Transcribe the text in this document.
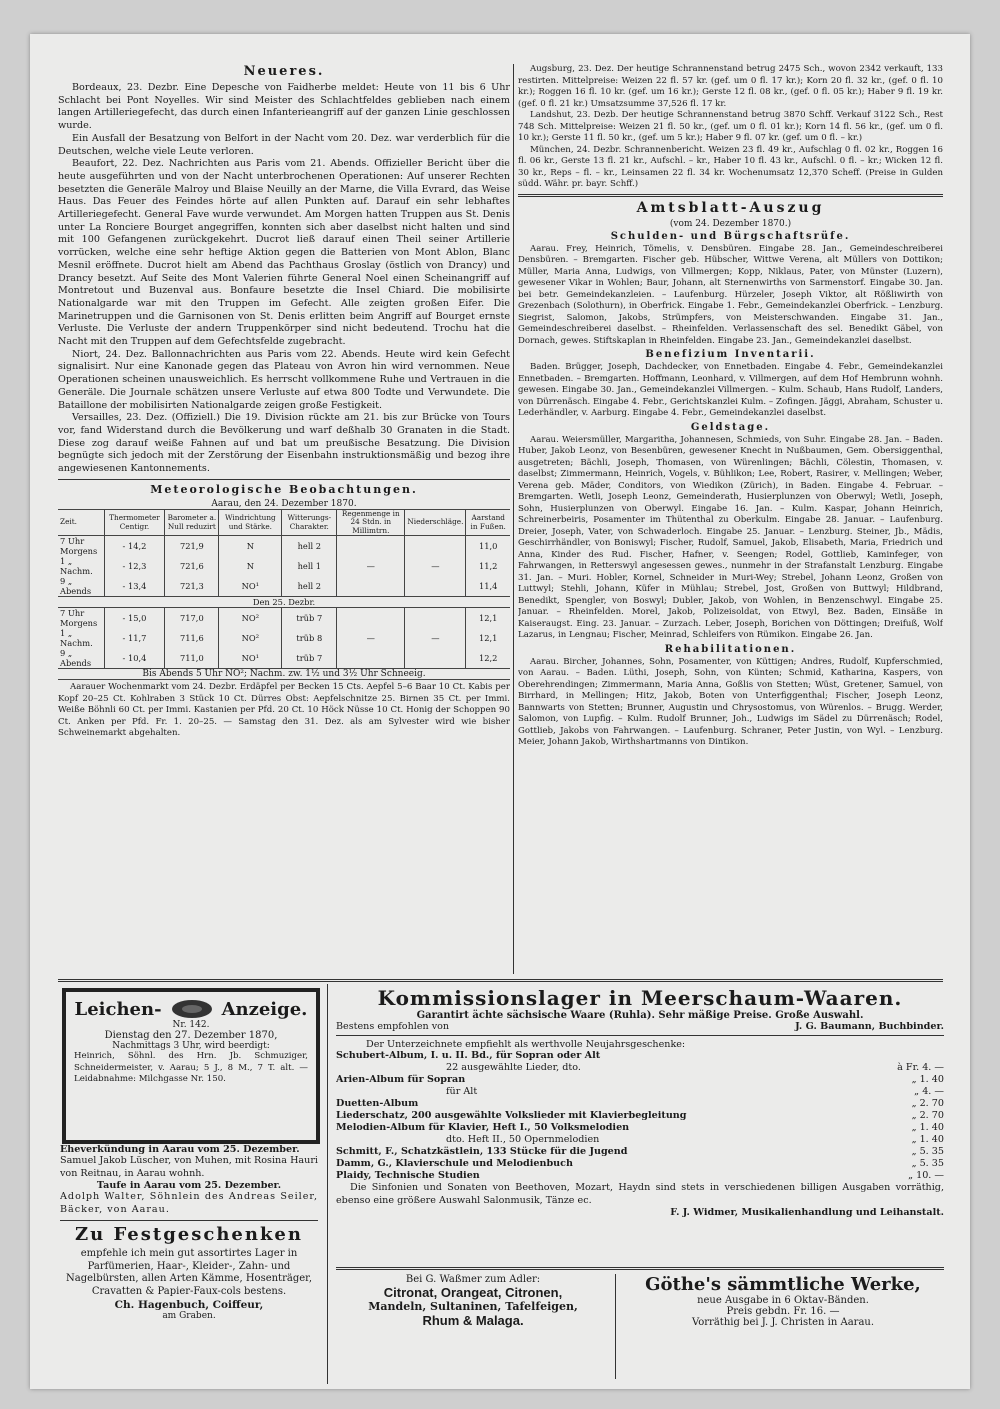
Neueres.

Bordeaux, 23. Dezbr. Eine Depesche von Faidherbe meldet: Heute von 11 bis 6 Uhr Schlacht bei Pont Noyelles. Wir sind Meister des Schlachtfeldes geblieben nach einem langen Artilleriegefecht, das durch einen Infanterieangriff auf der ganzen Linie geschlossen wurde.

Ein Ausfall der Besatzung von Belfort in der Nacht vom 20. Dez. war verderblich für die Deutschen, welche viele Leute verloren.

Beaufort, 22. Dez. Nachrichten aus Paris vom 21. Abends. Offizieller Bericht über die heute ausgeführten und von der Nacht unterbrochenen Operationen: Auf unserer Rechten besetzten die Generäle Malroy und Blaise Neuilly an der Marne, die Villa Evrard, das Weise Haus. Das Feuer des Feindes hörte auf allen Punkten auf. Darauf ein sehr lebhaftes Artilleriegefecht. General Fave wurde verwundet. Am Morgen hatten Truppen aus St. Denis unter La Ronciere Bourget angegriffen, konnten sich aber daselbst nicht halten und sind mit 100 Gefangenen zurückgekehrt. Ducrot ließ darauf einen Theil seiner Artillerie vorrücken, welche eine sehr heftige Aktion gegen die Batterien von Mont Ablon, Blanc Mesnil eröffnete. Ducrot hielt am Abend das Pachthaus Groslay (östlich von Drancy) und Drancy besetzt. Auf Seite des Mont Valerien führte General Noel einen Scheinangriff auf Montretout und Buzenval aus. Bonfaure besetzte die Insel Chiard. Die mobilisirte Nationalgarde war mit den Truppen im Gefecht. Alle zeigten großen Eifer. Die Marinetruppen und die Garnisonen von St. Denis erlitten beim Angriff auf Bourget ernste Verluste. Die Verluste der andern Truppenkörper sind nicht bedeutend. Trochu hat die Nacht mit den Truppen auf dem Gefechtsfelde zugebracht.

Niort, 24. Dez. Ballonnachrichten aus Paris vom 22. Abends. Heute wird kein Gefecht signalisirt. Nur eine Kanonade gegen das Plateau von Avron hin wird vernommen. Neue Operationen scheinen unausweichlich. Es herrscht vollkommene Ruhe und Vertrauen in die Generäle. Die Journale schätzen unsere Verluste auf etwa 800 Todte und Verwundete. Die Bataillone der mobilisirten Nationalgarde zeigen große Festigkeit.

Versailles, 23. Dez. (Offiziell.) Die 19. Division rückte am 21. bis zur Brücke von Tours vor, fand Widerstand durch die Bevölkerung und warf deßhalb 30 Granaten in die Stadt. Diese zog darauf weiße Fahnen auf und bat um preußische Besatzung. Die Division begnügte sich jedoch mit der Zerstörung der Eisenbahn instruktionsmäßig und bezog ihre angewiesenen Kantonnements.

Meteorologische Beobachtungen.
Aarau, den 24. Dezember 1870.
Zeit.	Thermometer Centigr.	Barometer a. Null reduzirt	Windrichtung und Stärke.	Witterungs-Charakter.	Regenmenge in 24 Stdn. in Millimtrn.	Niederschläge.	Aarstand in Fußen.
7 Uhr Morgens	- 14,2	721,9	N	hell 2			11,0
1 „ Nachm.	- 12,3	721,6	N	hell 1	—	—	11,2
9 „ Abends	- 13,4	721,3	NO¹	hell 2			11,4
Den 25. Dezbr.							
7 Uhr Morgens	- 15,0	717,0	NO²	trüb 7			12,1
1 „ Nachm.	- 11,7	711,6	NO²	trüb 8	—	—	12,1
9 „ Abends	- 10,4	711,0	NO¹	trüb 7			12,2
Bis Abends 5 Uhr NO²; Nachm. zw. 1½ und 3½ Uhr Schneeig.

Aarauer Wochenmarkt vom 24. Dezbr. Erdäpfel per Becken 15 Cts. Aepfel 5–6 Baar 10 Ct. Kabis per Kopf 20–25 Ct. Kohlraben 3 Stück 10 Ct. Dürres Obst: Aepfelschnitze 25. Birnen 35 Ct. per Immi. Weiße Böhnli 60 Ct. per Immi. Kastanien per Pfd. 20 Ct. 10 Höck Nüsse 10 Ct. Honig der Schoppen 90 Ct. Anken per Pfd. Fr. 1. 20–25. — Samstag den 31. Dez. als am Sylvester wird wie bisher Schweinemarkt abgehalten.

Augsburg, 23. Dez. Der heutige Schrannenstand betrug 2475 Sch., wovon 2342 verkauft, 133 restirten. Mittelpreise: Weizen 22 fl. 57 kr. (gef. um 0 fl. 17 kr.); Korn 20 fl. 32 kr., (gef. 0 fl. 10 kr.); Roggen 16 fl. 10 kr. (gef. um 16 kr.); Gerste 12 fl. 08 kr., (gef. 0 fl. 05 kr.); Haber 9 fl. 19 kr. (gef. 0 fl. 21 kr.) Umsatzsumme 37,526 fl. 17 kr.

Landshut, 23. Dezb. Der heutige Schrannenstand betrug 3870 Schff. Verkauf 3122 Sch., Rest 748 Sch. Mittelpreise: Weizen 21 fl. 50 kr., (gef. um 0 fl. 01 kr.); Korn 14 fl. 56 kr., (gef. um 0 fl. 10 kr.); Gerste 11 fl. 50 kr., (gef. um 5 kr.); Haber 9 fl. 07 kr. (gef. um 0 fl. – kr.)

München, 24. Dezbr. Schrannenbericht. Weizen 23 fl. 49 kr., Aufschlag 0 fl. 02 kr., Roggen 16 fl. 06 kr., Gerste 13 fl. 21 kr., Aufschl. – kr., Haber 10 fl. 43 kr., Aufschl. 0 fl. – kr.; Wicken 12 fl. 30 kr., Reps – fl. – kr., Leinsamen 22 fl. 34 kr. Wochenumsatz 12,370 Scheff. (Preise in Gulden südd. Währ. pr. bayr. Schff.)

Amtsblatt-Auszug
(vom 24. Dezember 1870.)
Schulden- und Bürgschaftsrüfe.

Aarau. Frey, Heinrich, Tömelis, v. Densbüren. Eingabe 28. Jan., Gemeindeschreiberei Densbüren. – Bremgarten. Fischer geb. Hübscher, Wittwe Verena, alt Müllers von Dottikon; Müller, Maria Anna, Ludwigs, von Villmergen; Kopp, Niklaus, Pater, von Münster (Luzern), gewesener Vikar in Wohlen; Baur, Johann, alt Sternenwirths von Sarmenstorf. Eingabe 30. Jan. bei betr. Gemeindekanzleien. – Laufenburg. Hürzeler, Joseph Viktor, alt Rößliwirth von Grezenbach (Solothurn), in Oberfrick. Eingabe 1. Febr., Gemeindekanzlei Oberfrick. – Lenzburg. Siegrist, Salomon, Jakobs, Strümpfers, von Meisterschwanden. Eingabe 31. Jan., Gemeindeschreiberei daselbst. – Rheinfelden. Verlassenschaft des sel. Benedikt Gäbel, von Dornach, gewes. Stiftskaplan in Rheinfelden. Eingabe 23. Jan., Gemeindekanzlei daselbst.

Benefizium Inventarii.

Baden. Brügger, Joseph, Dachdecker, von Ennetbaden. Eingabe 4. Febr., Gemeindekanzlei Ennetbaden. – Bremgarten. Hoffmann, Leonhard, v. Villmergen, auf dem Hof Hembrunn wohnh. gewesen. Eingabe 30. Jan., Gemeindekanzlei Villmergen. – Kulm. Schaub, Hans Rudolf, Landers, von Dürrenäsch. Eingabe 4. Febr., Gerichtskanzlei Kulm. – Zofingen. Jäggi, Abraham, Schuster u. Lederhändler, v. Aarburg. Eingabe 4. Febr., Gemeindekanzlei daselbst.

Geldstage.

Aarau. Weiersmüller, Margaritha, Johannesen, Schmieds, von Suhr. Eingabe 28. Jan. – Baden. Huber, Jakob Leonz, von Besenbüren, gewesener Knecht in Nußbaumen, Gem. Obersiggenthal, ausgetreten; Bächli, Joseph, Thomasen, von Würenlingen; Bächli, Cölestin, Thomasen, v. daselbst; Zimmermann, Heinrich, Vogels, v. Bühlikon; Lee, Robert, Rasirer, v. Mellingen; Weber, Verena geb. Mäder, Conditors, von Wiedikon (Zürich), in Baden. Eingabe 4. Februar. – Bremgarten. Wetli, Joseph Leonz, Gemeinderath, Husierplunzen von Oberwyl; Wetli, Joseph, Sohn, Husierplunzen von Oberwyl. Eingabe 16. Jan. – Kulm. Kaspar, Johann Heinrich, Schreinerbeiris, Posamenter im Thütenthal zu Oberkulm. Eingabe 28. Januar. – Laufenburg. Dreier, Joseph, Vater, von Schwaderloch. Eingabe 25. Januar. – Lenzburg. Steiner, Jb., Mädis, Geschirrhändler, von Boniswyl; Fischer, Rudolf, Samuel, Jakob, Elisabeth, Maria, Friedrich und Anna, Kinder des Rud. Fischer, Hafner, v. Seengen; Rodel, Gottlieb, Kaminfeger, von Fahrwangen, in Retterswyl angesessen gewes., nunmehr in der Strafanstalt Lenzburg. Eingabe 31. Jan. – Muri. Hobler, Kornel, Schneider in Muri-Wey; Strebel, Johann Leonz, Großen von Luttwyl; Stehli, Johann, Küfer in Mühlau; Strebel, Jost, Großen von Buttwyl; Hildbrand, Benedikt, Spengler, von Boswyl; Dubler, Jakob, von Wohlen, in Benzenschwyl. Eingabe 25. Januar. – Rheinfelden. Morel, Jakob, Polizeisoldat, von Etwyl, Bez. Baden, Einsäße in Kaiseraugst. Eing. 23. Januar. – Zurzach. Leber, Joseph, Borichen von Döttingen; Dreifuß, Wolf Lazarus, in Lengnau; Fischer, Meinrad, Schleifers von Rümikon. Eingabe 26. Jan.

Rehabilitationen.

Aarau. Bircher, Johannes, Sohn, Posamenter, von Küttigen; Andres, Rudolf, Kupferschmied, von Aarau. – Baden. Lüthi, Joseph, Sohn, von Künten; Schmid, Katharina, Kaspers, von Oberehrendingen; Zimmermann, Maria Anna, Goßlis von Stetten; Wüst, Gretener, Samuel, von Birrhard, in Mellingen; Hitz, Jakob, Boten von Unterfiggenthal; Fischer, Joseph Leonz, Bannwarts von Stetten; Brunner, Augustin und Chrysostomus, von Würenlos. – Brugg. Werder, Salomon, von Lupfig. – Kulm. Rudolf Brunner, Joh., Ludwigs im Sädel zu Dürrenäsch; Rodel, Gottlieb, Jakobs von Fahrwangen. – Laufenburg. Schraner, Peter Justin, von Wyl. – Lenzburg. Meier, Johann Jakob, Wirthshartmanns von Dintikon.

Leichen-	Anzeige.
Nr. 142.
Dienstag den 27. Dezember 1870,
Nachmittags 3 Uhr, wird beerdigt:

Heinrich, Söhnl. des Hrn. Jb. Schmuziger, Schneidermeister, v. Aarau; 5 J., 8 M., 7 T. alt. — Leidabnahme: Milchgasse Nr. 150.

Eheverkündung in Aarau vom 25. Dezember.

Samuel Jakob Lüscher, von Muhen, mit Rosina Hauri von Reitnau, in Aarau wohnh.

Taufe in Aarau vom 25. Dezember.

Adolph Walter, Söhnlein des Andreas Seiler, Bäcker, von Aarau.

Zu Festgeschenken

empfehle ich mein gut assortirtes Lager in Parfümerien, Haar-, Kleider-, Zahn- und Nagelbürsten, allen Arten Kämme, Hosenträger, Cravatten & Papier-Faux-cols bestens.

Ch. Hagenbuch, Coiffeur,
am Graben.
Kommissionslager in Meerschaum-Waaren.
Garantirt ächte sächsische Waare (Ruhla). Sehr mäßige Preise. Große Auswahl.
Bestens empfohlen von	J. G. Baumann, Buchbinder.
Der Unterzeichnete empfiehlt als werthvolle Neujahrsgeschenke:
Schubert-Album, I. u. II. Bd., für Sopran oder Alt
22 ausgewählte Lieder, dto.	à Fr. 4. —
Arien-Album für Sopran	„ 1. 40
für Alt	„ 4. —
Duetten-Album	„ 2. 70
Liederschatz, 200 ausgewählte Volkslieder mit Klavierbegleitung	„ 2. 70
Melodien-Album für Klavier, Heft I., 50 Volksmelodien	„ 1. 40
dto. Heft II., 50 Opernmelodien	„ 1. 40
Schmitt, F., Schatzkästlein, 133 Stücke für die Jugend	„ 5. 35
Damm, G., Klavierschule und Melodienbuch	„ 5. 35
Plaidy, Technische Studien	„ 10. —

Die Sinfonien und Sonaten von Beethoven, Mozart, Haydn sind stets in verschiedenen billigen Ausgaben vorräthig, ebenso eine größere Auswahl Salonmusik, Tänze ec.

F. J. Widmer, Musikalienhandlung und Leihanstalt.
Bei G. Waßmer zum Adler:
Citronat, Orangeat, Citronen,
Mandeln, Sultaninen, Tafelfeigen,
Rhum & Malaga.
Göthe's sämmtliche Werke,
neue Ausgabe in 6 Oktav-Bänden.
Preis gebdn. Fr. 16. —
Vorräthig bei J. J. Christen in Aarau.
